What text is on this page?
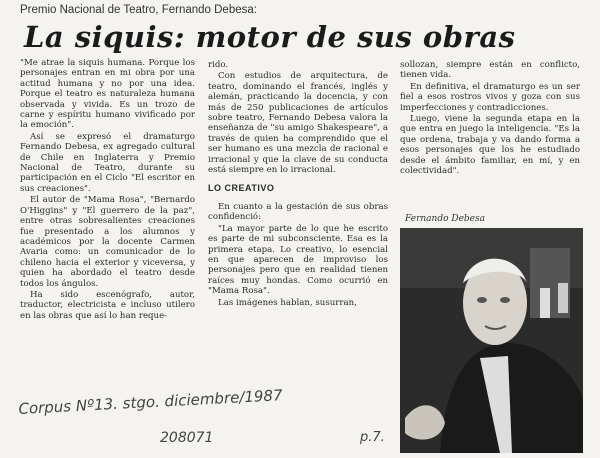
Premio Nacional de Teatro, Fernando Debesa:
La siquis: motor de sus obras

"Me atrae la siquis humana. Porque los personajes entran en mi obra por una actitud humana y no por una idea. Porque el teatro es naturaleza humana observada y vivida. Es un trozo de carne y espíritu humano vivificado por la emoción".

Así se expresó el dramaturgo Fernando Debesa, ex agregado cultural de Chile en Inglaterra y Premio Nacional de Teatro, durante su participación en el Ciclo "El escritor en sus creaciones".

El autor de "Mama Rosa", "Bernardo O'Higgins" y "El guerrero de la paz", entre otras sobresalientes creaciones fue presentado a los alumnos y académicos por la docente Carmen Avaria como: un comunicador de lo chileno hacia el exterior y viceversa, y quien ha abordado el teatro desde todos los ángulos.

Ha sido escenógrafo, autor, traductor, electricista e incluso utilero en las obras que así lo han reque-

rido.

Con estudios de arquitectura, de teatro, dominando el francés, inglés y alemán, practicando la docencia, y con más de 250 publicaciones de artículos sobre teatro, Fernando Debesa valora la enseñanza de "su amigo Shakespeare", a través de quien ha comprendido que el ser humano es una mezcla de racional e irracional y que la clave de su conducta está siempre en lo irracional.

LO CREATIVO

En cuanto a la gestación de sus obras confidenció:

"La mayor parte de lo que he escrito es parte de mi subconsciente. Esa es la primera etapa. Lo creativo, lo esencial en que aparecen de improviso los personajes pero que en realidad tienen raíces muy hondas. Como ocurrió en "Mama Rosa".

Las imágenes hablan, susurran,

sollozan, siempre están en conflicto, tienen vida.

En definitiva, el dramaturgo es un ser fiel a esos rostros vivos y goza con sus imperfecciones y contradicciones.

Luego, viene la segunda etapa en la que entra en juego la inteligencia. "Es la que ordena, trabaja y va dando forma a esos personajes que los he estudiado desde el ámbito familiar, en mí, y en colectividad".

Fernando Debesa
Corpus Nº13. stgo. diciembre/1987
208071	p.7.
